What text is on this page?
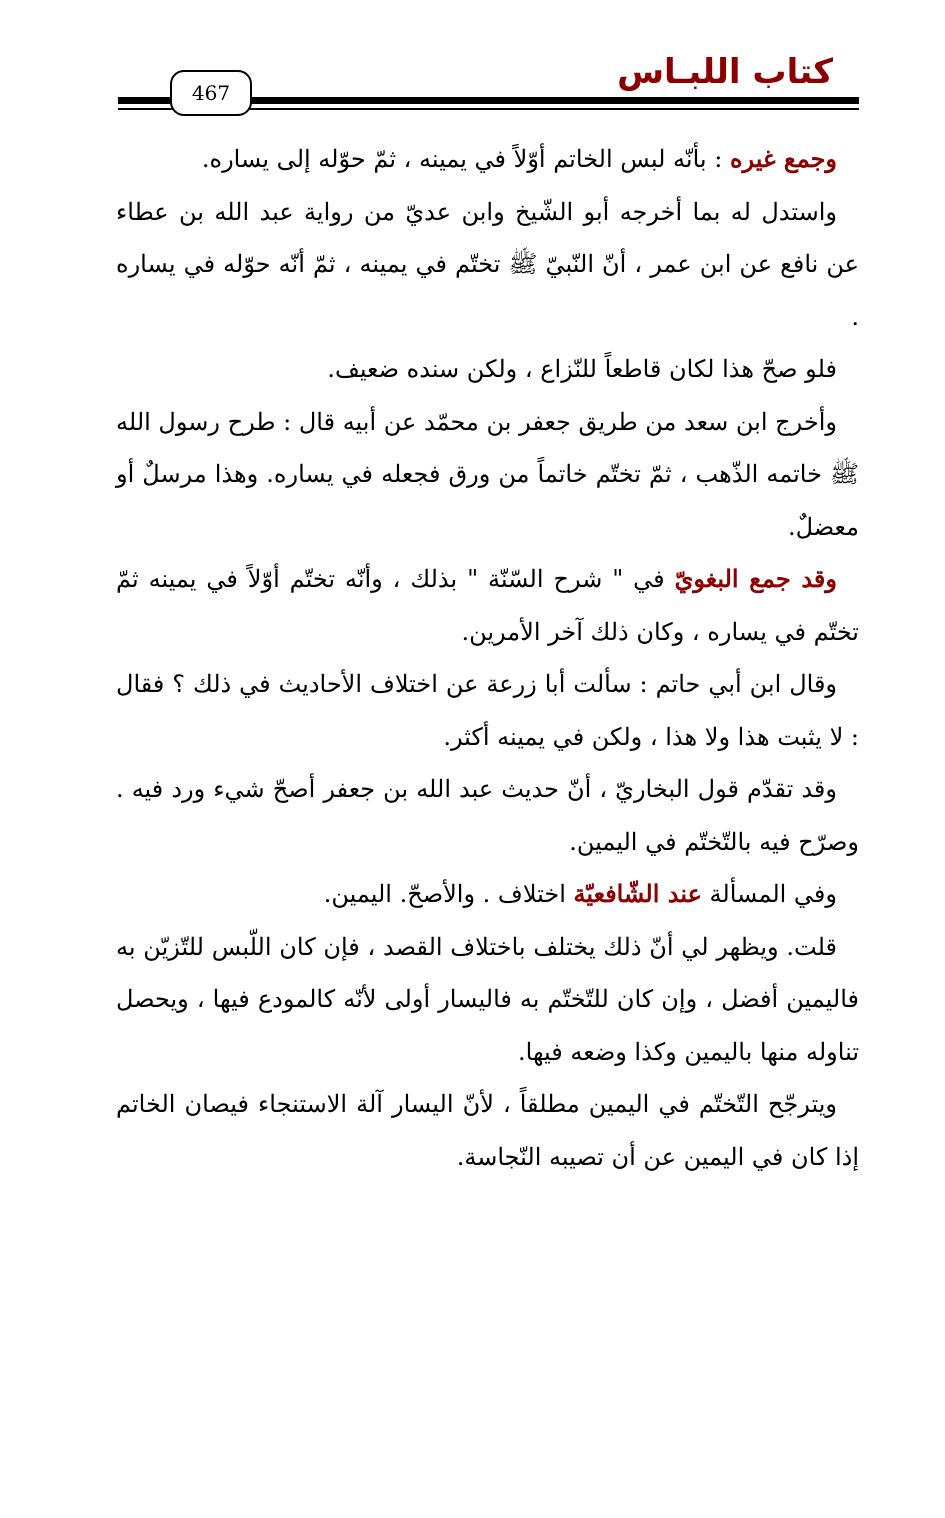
كتاب اللبـاس
467

وجمع غيره : بأنّه لبس الخاتم أوّلاً في يمينه ، ثمّ حوّله إلى يساره.

واستدل له بما أخرجه أبو الشّيخ وابن عديّ من رواية عبد الله بن عطاء عن نافع عن ابن عمر ، أنّ النّبيّ ﷺ تختّم في يمينه ، ثمّ أنّه حوّله في يساره .

فلو صحّ هذا لكان قاطعاً للنّزاع ، ولكن سنده ضعيف.

وأخرج ابن سعد من طريق جعفر بن محمّد عن أبيه قال : طرح رسول الله ﷺ خاتمه الذّهب ، ثمّ تختّم خاتماً من ورق فجعله في يساره. وهذا مرسلٌ أو معضلٌ.

وقد جمع البغويّ في " شرح السّنّة " بذلك ، وأنّه تختّم أوّلاً في يمينه ثمّ تختّم في يساره ، وكان ذلك آخر الأمرين.

وقال ابن أبي حاتم : سألت أبا زرعة عن اختلاف الأحاديث في ذلك ؟ فقال : لا يثبت هذا ولا هذا ، ولكن في يمينه أكثر.

وقد تقدّم قول البخاريّ ، أنّ حديث عبد الله بن جعفر أصحّ شيء ورد فيه . وصرّح فيه بالتّختّم في اليمين.

وفي المسألة عند الشّافعيّة اختلاف . والأصحّ. اليمين.

قلت. ويظهر لي أنّ ذلك يختلف باختلاف القصد ، فإن كان اللّبس للتّزيّن به فاليمين أفضل ، وإن كان للتّختّم به فاليسار أولى لأنّه كالمودع فيها ، ويحصل تناوله منها باليمين وكذا وضعه فيها.

ويترجّح التّختّم في اليمين مطلقاً ، لأنّ اليسار آلة الاستنجاء فيصان الخاتم إذا كان في اليمين عن أن تصيبه النّجاسة.
